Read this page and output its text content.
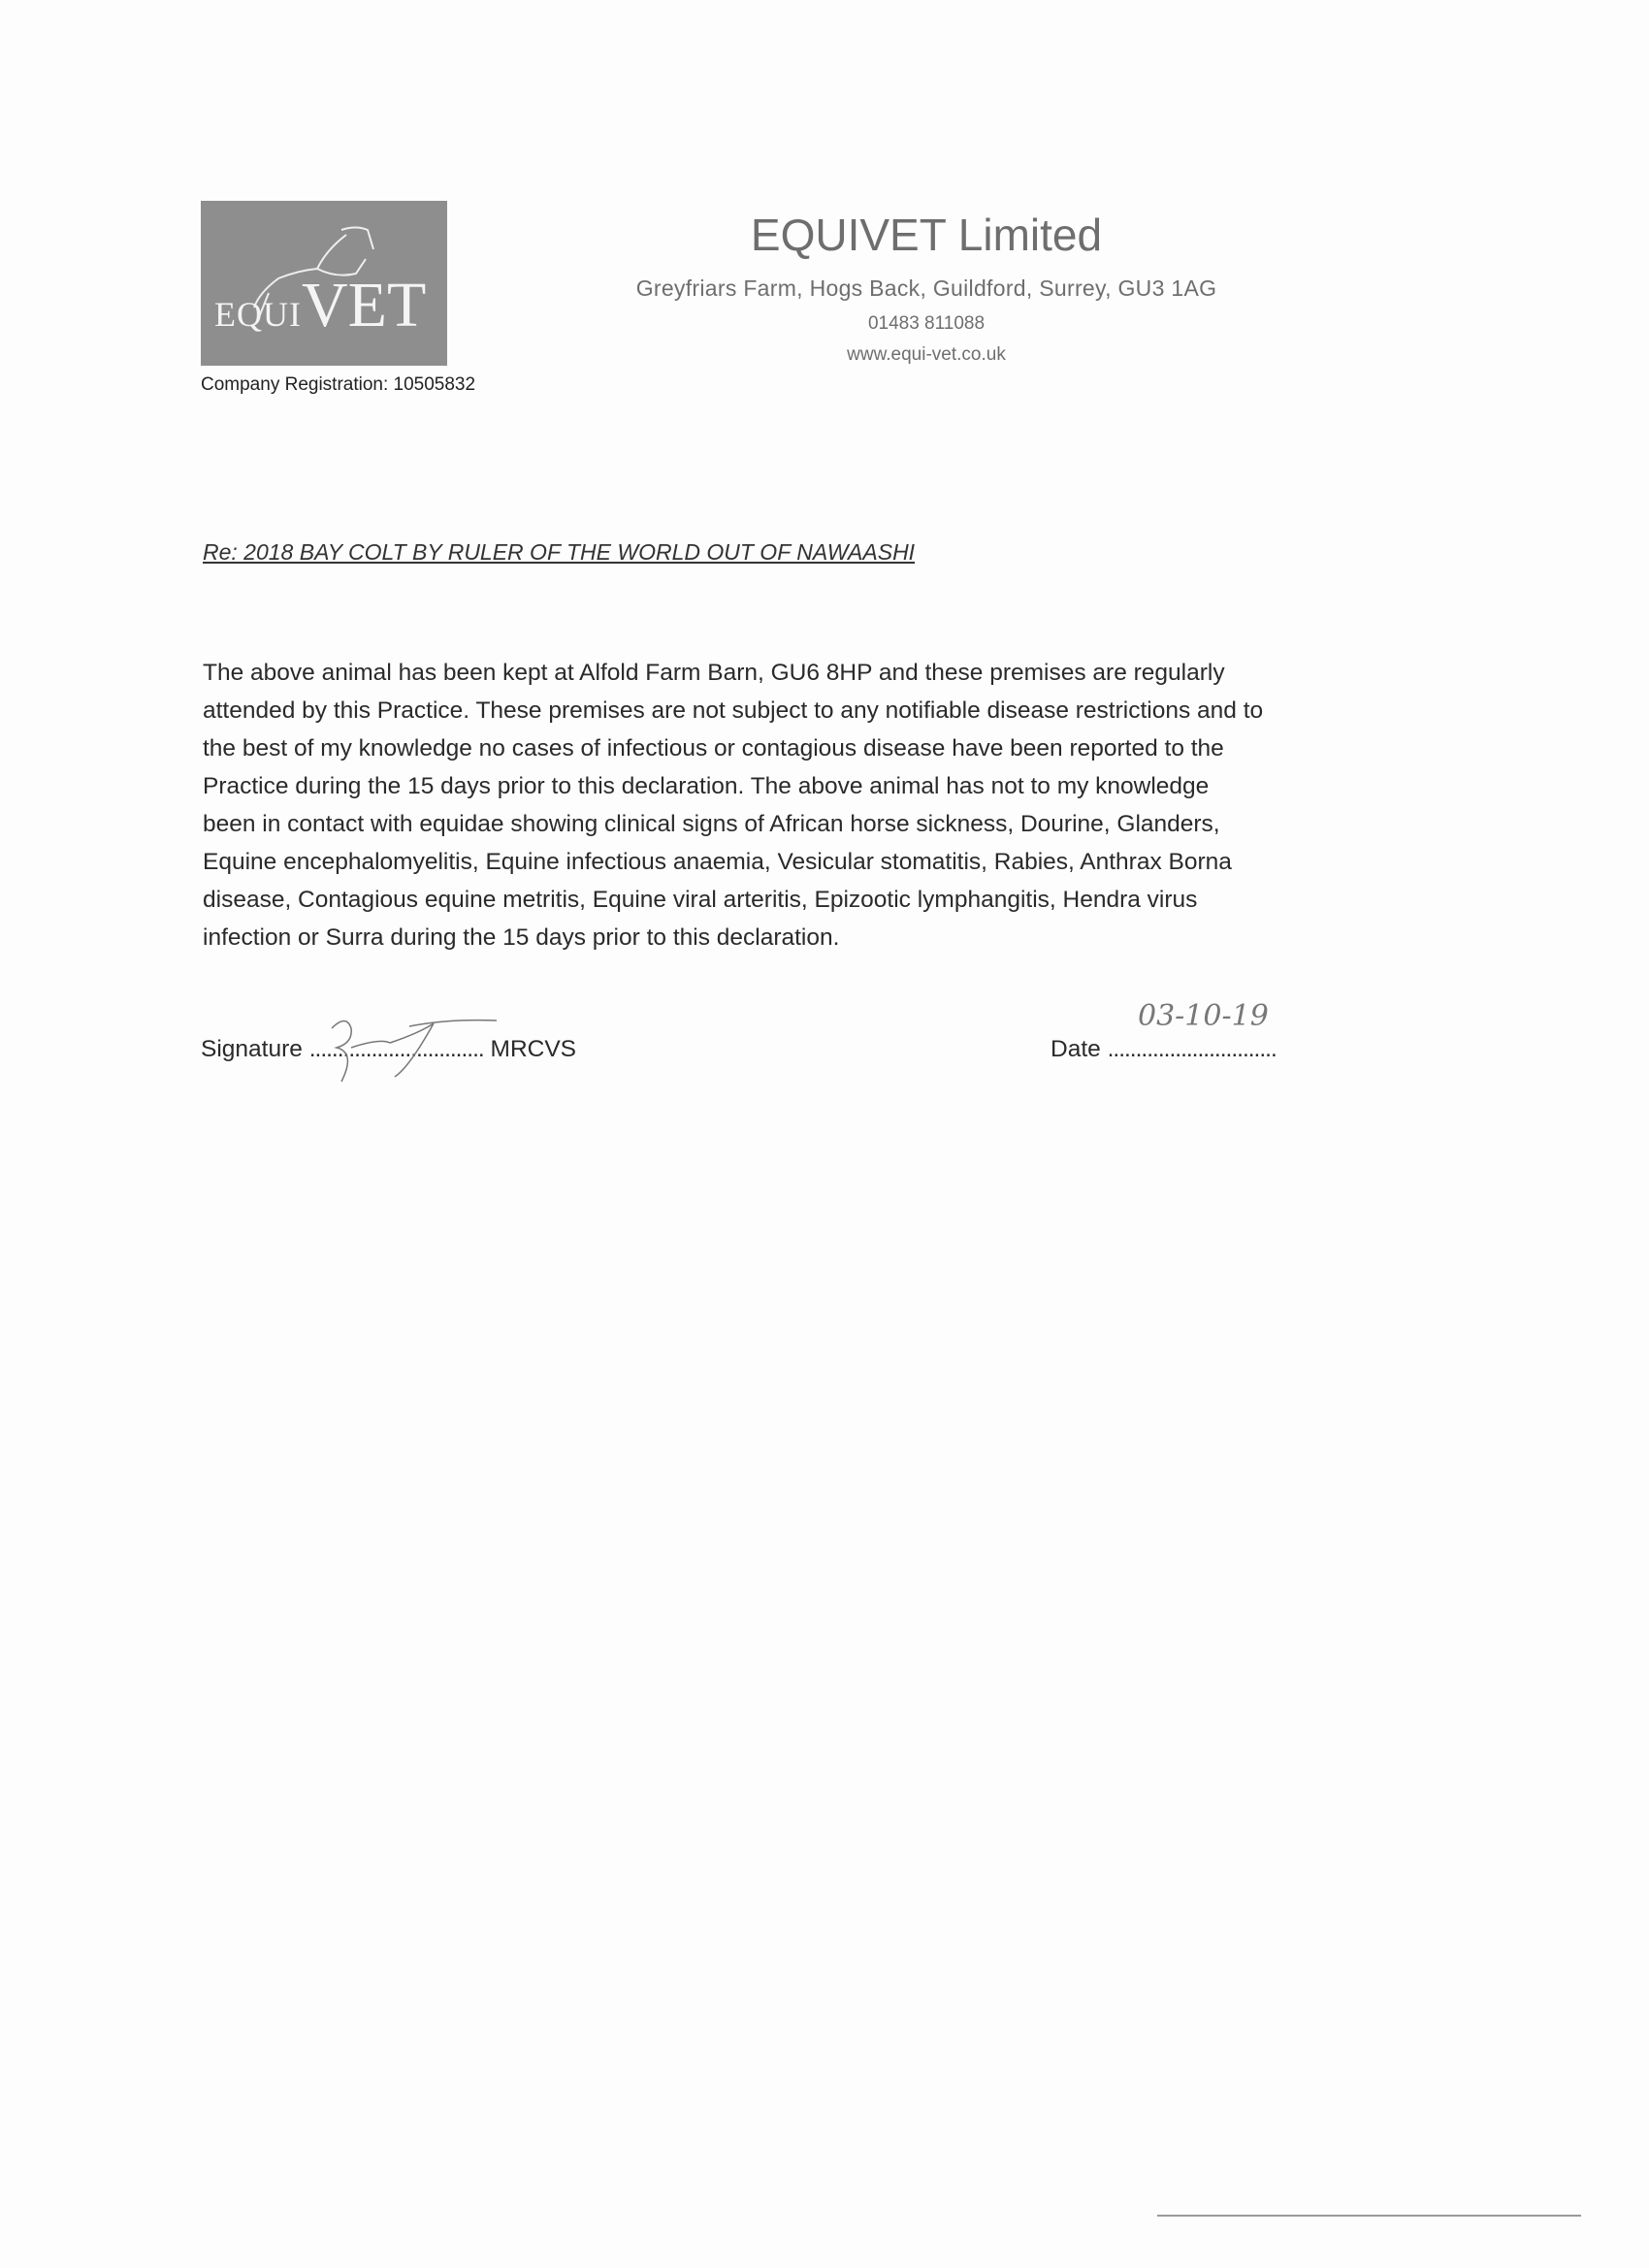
EQUIVET
Company Registration: 10505832
EQUIVET Limited
Greyfriars Farm, Hogs Back, Guildford, Surrey, GU3 1AG
01483 811088
www.equi-vet.co.uk
Re: 2018 BAY COLT BY RULER OF THE WORLD OUT OF NAWAASHI
The above animal has been kept at Alfold Farm Barn, GU6 8HP and these premises are regularly
attended by this Practice. These premises are not subject to any notifiable disease restrictions and to
the best of my knowledge no cases of infectious or contagious disease have been reported to the
Practice during the 15 days prior to this declaration. The above animal has not to my knowledge
been in contact with equidae showing clinical signs of African horse sickness, Dourine, Glanders,
Equine encephalomyelitis, Equine infectious anaemia, Vesicular stomatitis, Rabies, Anthrax Borna
disease, Contagious equine metritis, Equine viral arteritis, Epizootic lymphangitis, Hendra virus
infection or Surra during the 15 days prior to this declaration.
Signature ............................... MRCVS	Date ..............................
03-10-19
